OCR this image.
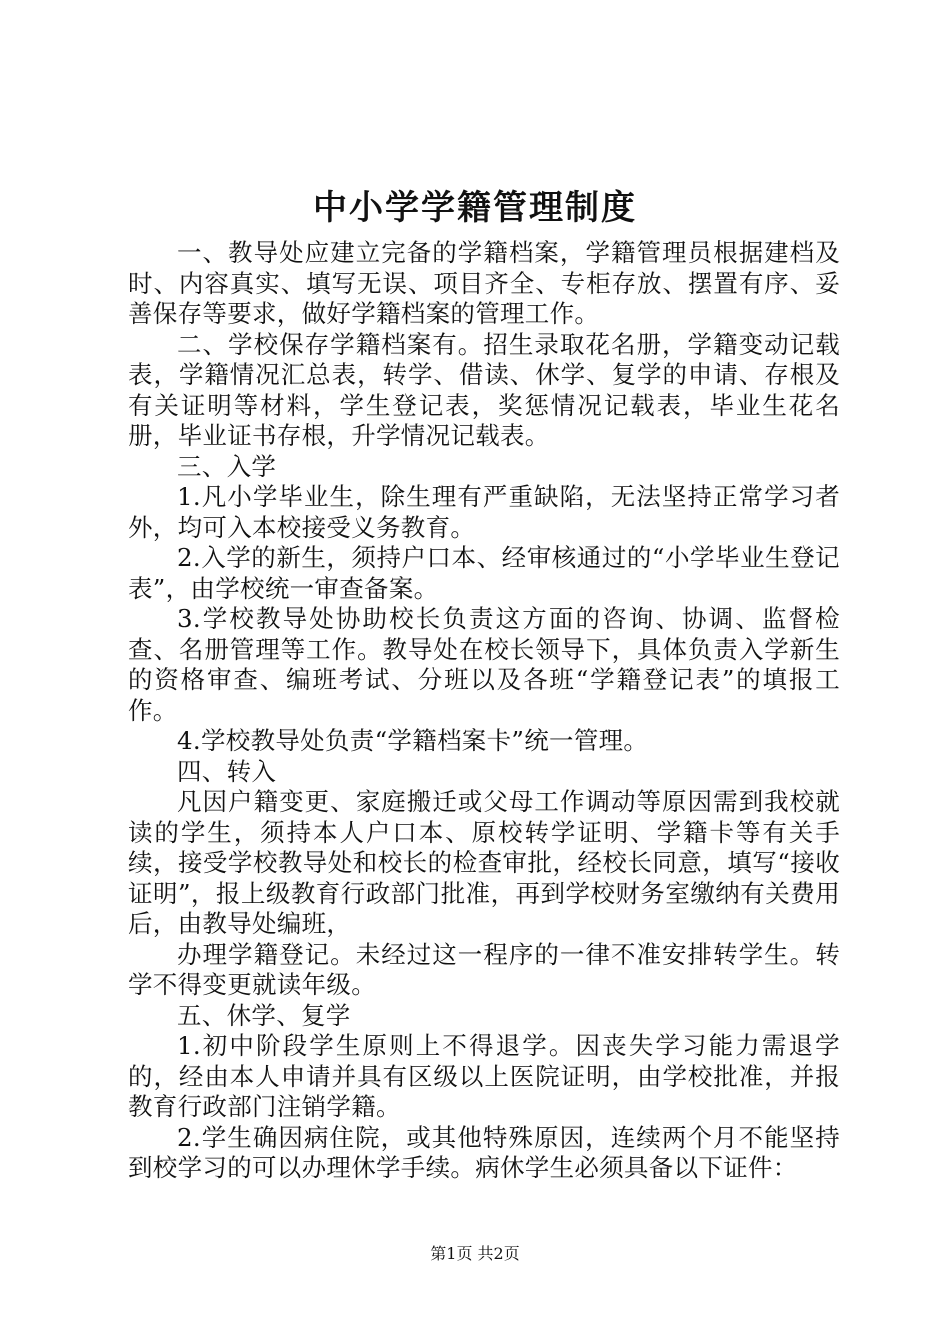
中小学学籍管理制度

一、教导处应建立完备的学籍档案，学籍管理员根据建档及时、内容真实、填写无误、项目齐全、专柜存放、摆置有序、妥善保存等要求，做好学籍档案的管理工作。

二、学校保存学籍档案有。招生录取花名册，学籍变动记载表，学籍情况汇总表，转学、借读、休学、复学的申请、存根及有关证明等材料，学生登记表，奖惩情况记载表，毕业生花名册，毕业证书存根，升学情况记载表。

三、入学

1.凡小学毕业生，除生理有严重缺陷，无法坚持正常学习者外，均可入本校接受义务教育。

2.入学的新生，须持户口本、经审核通过的“小学毕业生登记表”，由学校统一审查备案。

3.学校教导处协助校长负责这方面的咨询、协调、监督检查、名册管理等工作。教导处在校长领导下，具体负责入学新生的资格审查、编班考试、分班以及各班“学籍登记表”的填报工作。

4.学校教导处负责“学籍档案卡”统一管理。

四、转入

凡因户籍变更、家庭搬迁或父母工作调动等原因需到我校就读的学生，须持本人户口本、原校转学证明、学籍卡等有关手续，接受学校教导处和校长的检查审批，经校长同意，填写“接收证明”，报上级教育行政部门批准，再到学校财务室缴纳有关费用后，由教导处编班，

办理学籍登记。未经过这一程序的一律不准安排转学生。转学不得变更就读年级。

五、休学、复学

1.初中阶段学生原则上不得退学。因丧失学习能力需退学的，经由本人申请并具有区级以上医院证明，由学校批准，并报教育行政部门注销学籍。

2.学生确因病住院，或其他特殊原因，连续两个月不能坚持到校学习的可以办理休学手续。病休学生必须具备以下证件：

第1页 共2页
